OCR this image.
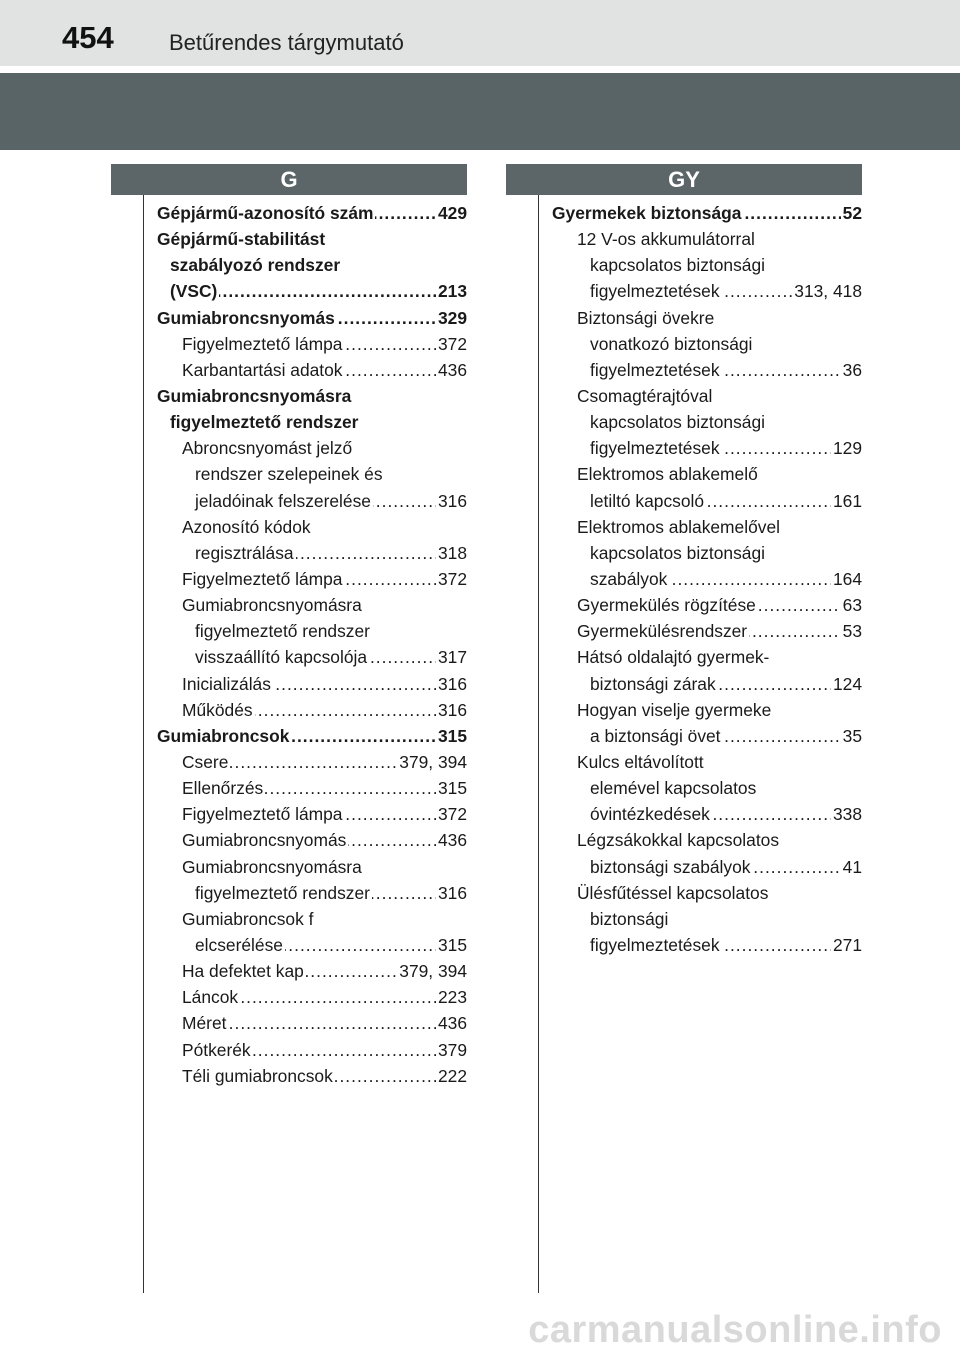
454	Betűrendes tárgymutató
G	GY
Gépjármű-azonosító szám	429
.....
Gépjármű-stabilitást
szabályozó rendszer
(VSC)	213
.....
Gumiabroncsnyomás	329
.....
Figyelmeztető lámpa	372
.....
Karbantartási adatok	436
.....
Gumiabroncsnyomásra
figyelmeztető rendszer
Abroncsnyomást jelző
rendszer szelepeinek és
jeladóinak felszerelése	316
.....
Azonosító kódok
regisztrálása	318
.....
Figyelmeztető lámpa	372
.....
Gumiabroncsnyomásra
figyelmeztető rendszer
visszaállító kapcsolója	317
.....
Inicializálás	316
.....
Működés	316
.....
Gumiabroncsok	315
.....
Csere	379, 394
.....
Ellenőrzés	315
.....
Figyelmeztető lámpa	372
.....
Gumiabroncsnyomás	436
.....
Gumiabroncsnyomásra
figyelmeztető rendszer	316
.....
Gumiabroncsok f
elcserélése	315
.....
Ha defektet kap	379, 394
.....
Láncok	223
.....
Méret	436
.....
Pótkerék	379
.....
Téli gumiabroncsok	222
.....
Gyermekek biztonsága	52
.....
12 V-os akkumulátorral
kapcsolatos biztonsági
figyelmeztetések	313, 418
.....
Biztonsági övekre
vonatkozó biztonsági
figyelmeztetések	36
.....
Csomagtérajtóval
kapcsolatos biztonsági
figyelmeztetések	129
.....
Elektromos ablakemelő
letiltó kapcsoló	161
.....
Elektromos ablakemelővel
kapcsolatos biztonsági
szabályok	164
.....
Gyermekülés rögzítése	63
.....
Gyermekülésrendszer	53
.....
Hátsó oldalajtó gyermek-
biztonsági zárak	124
.....
Hogyan viselje gyermeke
a biztonsági övet	35
.....
Kulcs eltávolított
elemével kapcsolatos
óvintézkedések	338
.....
Légzsákokkal kapcsolatos
biztonsági szabályok	41
.....
Ülésfűtéssel kapcsolatos
biztonsági
figyelmeztetések	271
.....
carmanualsonline.info
